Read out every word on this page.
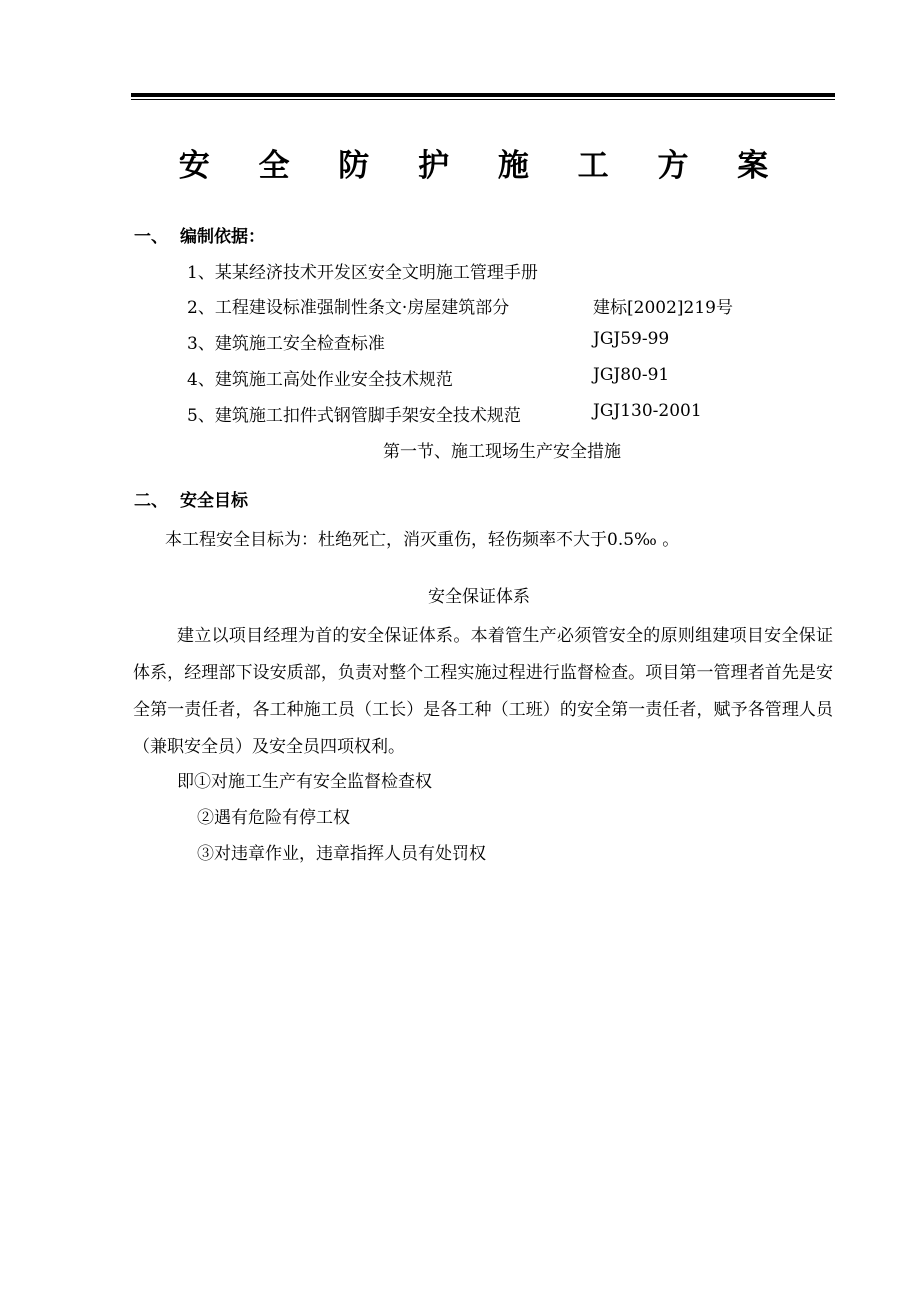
安 全 防 护 施 工 方 案
一、 编制依据：
1、某某经济技术开发区安全文明施工管理手册
2、工程建设标准强制性条文·房屋建筑部分	建标[2002]219号
3、建筑施工安全检查标准	JGJ59-99
4、建筑施工高处作业安全技术规范	JGJ80-91
5、建筑施工扣件式钢管脚手架安全技术规范	JGJ130-2001
第一节、施工现场生产安全措施
二、 安全目标
本工程安全目标为：杜绝死亡，消灭重伤，轻伤频率不大于0.5‰ 。
安全保证体系
建立以项目经理为首的安全保证体系。本着管生产必须管安全的原则组建项目安全保证体系，经理部下设安质部，负责对整个工程实施过程进行监督检查。项目第一管理者首先是安全第一责任者，各工种施工员（工长）是各工种（工班）的安全第一责任者，赋予各管理人员（兼职安全员）及安全员四项权利。
即①对施工生产有安全监督检查权
②遇有危险有停工权
③对违章作业，违章指挥人员有处罚权
